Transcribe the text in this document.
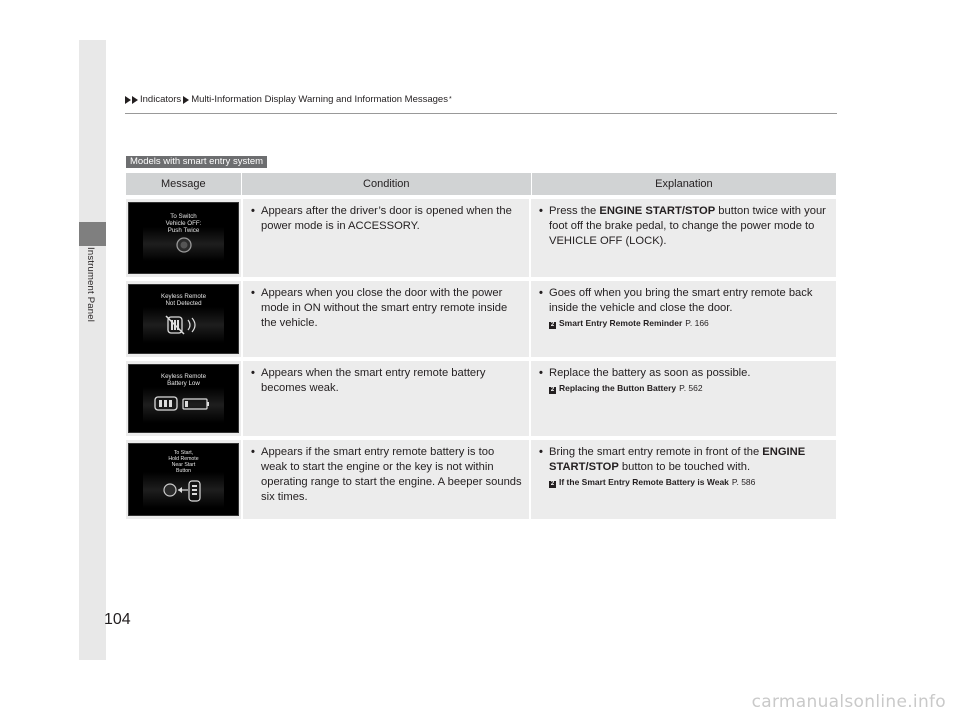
Instrument Panel
Indicators Multi-Information Display Warning and Information Messages *
Models with smart entry system
Message	Condition	Explanation
To Switch
Vehicle OFF:
Push Twice
• Appears after the driver’s door is opened when the power mode is in ACCESSORY.
• Press the ENGINE START/STOP button twice with your foot off the brake pedal, to change the power mode to VEHICLE OFF (LOCK).
Keyless Remote
Not Detected
• Appears when you close the door with the power mode in ON without the smart entry remote inside the vehicle.
• Goes off when you bring the smart entry remote back inside the vehicle and close the door.
2 Smart Entry Remote Reminder P. 166
Keyless Remote
Battery Low
• Appears when the smart entry remote battery becomes weak.
• Replace the battery as soon as possible.
2 Replacing the Button Battery P. 562
To Start,
Hold Remote
Near Start
Button
• Appears if the smart entry remote battery is too weak to start the engine or the key is not within operating range to start the engine. A beeper sounds six times.
• Bring the smart entry remote in front of the ENGINE START/STOP button to be touched with.
2 If the Smart Entry Remote Battery is Weak P. 586
104
carmanualsonline.info
